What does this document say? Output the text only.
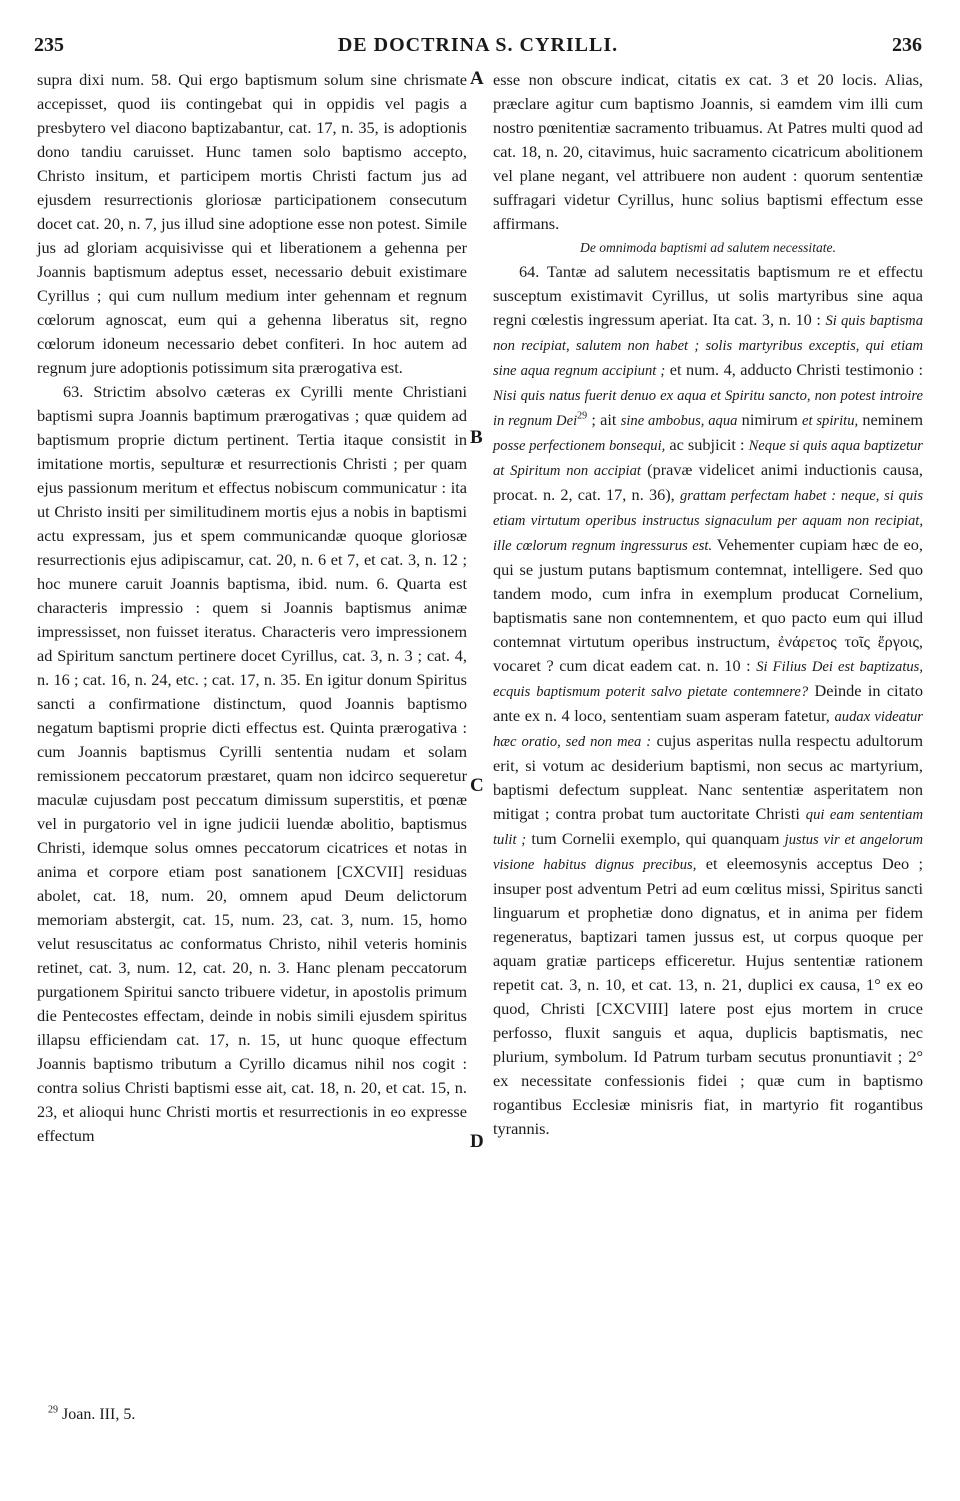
235	DE DOCTRINA S. CYRILLI.	236

supra dixi num. 58. Qui ergo baptismum solum sine chrismate accepisset, quod iis contingebat qui in oppidis vel pagis a presbytero vel diacono baptizabantur, cat. 17, n. 35, is adoptionis dono tandiu caruisset. Hunc tamen solo baptismo accepto, Christo insitum, et participem mortis Christi factum jus ad ejusdem resurrectionis gloriosæ participationem consecutum docet cat. 20, n. 7, jus illud sine adoptione esse non potest. Simile jus ad gloriam acquisivisse qui et liberationem a gehenna per Joannis baptismum adeptus esset, necessario debuit existimare Cyrillus ; qui cum nullum medium inter gehennam et regnum cœlorum agnoscat, eum qui a gehenna liberatus sit, regno cœlorum idoneum necessario debet confiteri. In hoc autem ad regnum jure adoptionis potissimum sita prærogativa est.

63. Strictim absolvo cæteras ex Cyrilli mente Christiani baptismi supra Joannis baptimum prærogativas ; quæ quidem ad baptismum proprie dictum pertinent. Tertia itaque consistit in imitatione mortis, sepulturæ et resurrectionis Christi ; per quam ejus passionum meritum et effectus nobiscum communicatur : ita ut Christo insiti per similitudinem mortis ejus a nobis in baptismi actu expressam, jus et spem communicandæ quoque gloriosæ resurrectionis ejus adipiscamur, cat. 20, n. 6 et 7, et cat. 3, n. 12 ; hoc munere caruit Joannis baptisma, ibid. num. 6. Quarta est characteris impressio : quem si Joannis baptismus animæ impressisset, non fuisset iteratus. Characteris vero impressionem ad Spiritum sanctum pertinere docet Cyrillus, cat. 3, n. 3 ; cat. 4, n. 16 ; cat. 16, n. 24, etc. ; cat. 17, n. 35. En igitur donum Spiritus sancti a confirmatione distinctum, quod Joannis baptismo negatum baptismi proprie dicti effectus est. Quinta prærogativa : cum Joannis baptismus Cyrilli sententia nudam et solam remissionem peccatorum præstaret, quam non idcirco sequeretur maculæ cujusdam post peccatum dimissum superstitis, et pœnæ vel in purgatorio vel in igne judicii luendæ abolitio, baptismus Christi, idemque solus omnes peccatorum cicatrices et notas in anima et corpore etiam post sanationem [CXCVII] residuas abolet, cat. 18, num. 20, omnem apud Deum delictorum memoriam abstergit, cat. 15, num. 23, cat. 3, num. 15, homo velut resuscitatus ac conformatus Christo, nihil veteris hominis retinet, cat. 3, num. 12, cat. 20, n. 3. Hanc plenam peccatorum purgationem Spiritui sancto tribuere videtur, in apostolis primum die Pentecostes effectam, deinde in nobis simili ejusdem spiritus illapsu efficiendam cat. 17, n. 15, ut hunc quoque effectum Joannis baptismo tributum a Cyrillo dicamus nihil nos cogit : contra solius Christi baptismi esse ait, cat. 18, n. 20, et cat. 15, n. 23, et alioqui hunc Christi mortis et resurrectionis in eo expresse effectum

A
B
C
D

esse non obscure indicat, citatis ex cat. 3 et 20 locis. Alias, præclare agitur cum baptismo Joannis, si eamdem vim illi cum nostro pœnitentiæ sacramento tribuamus. At Patres multi quod ad cat. 18, n. 20, citavimus, huic sacramento cicatricum abolitionem vel plane negant, vel attribuere non audent : quorum sententiæ suffragari videtur Cyrillus, hunc solius baptismi effectum esse affirmans.

De omnimoda baptismi ad salutem necessitate.

64. Tantæ ad salutem necessitatis baptismum re et effectu susceptum existimavit Cyrillus, ut solis martyribus sine aqua regni cœlestis ingressum aperiat. Ita cat. 3, n. 10 : Si quis baptisma non recipiat, salutem non habet ; solis martyribus exceptis, qui etiam sine aqua regnum accipiunt ; et num. 4, adducto Christi testimonio : Nisi quis natus fuerit denuo ex aqua et Spiritu sancto, non potest introire in regnum Dei$^{29}$ ; ait sine ambobus, aqua nimirum et spiritu, neminem posse perfectionem bonsequi, ac subjicit : Neque si quis aqua baptizetur at Spiritum non accipiat (pravæ videlicet animi inductionis causa, procat. n. 2, cat. 17, n. 36), grattam perfectam habet : neque, si quis etiam virtutum operibus instructus signaculum per aquam non recipiat, ille cœlorum regnum ingressurus est. Vehementer cupiam hæc de eo, qui se justum putans baptismum contemnat, intelligere. Sed quo tandem modo, cum infra in exemplum producat Cornelium, baptismatis sane non contemnentem, et quo pacto eum qui illud contemnat virtutum operibus instructum, ἐνάρετος τοῖς ἔργοις, vocaret ? cum dicat eadem cat. n. 10 : Si Filius Dei est baptizatus, ecquis baptismum poterit salvo pietate contemnere? Deinde in citato ante ex n. 4 loco, sententiam suam asperam fatetur, audax videatur hæc oratio, sed non mea : cujus asperitas nulla respectu adultorum erit, si votum ac desiderium baptismi, non secus ac martyrium, baptismi defectum suppleat. Nanc sententiæ asperitatem non mitigat ; contra probat tum auctoritate Christi qui eam sententiam tulit ; tum Cornelii exemplo, qui quanquam justus vir et angelorum visione habitus dignus precibus, et eleemosynis acceptus Deo ; insuper post adventum Petri ad eum cœlitus missi, Spiritus sancti linguarum et prophetiæ dono dignatus, et in anima per fidem regeneratus, baptizari tamen jussus est, ut corpus quoque per aquam gratiæ particeps efficeretur. Hujus sententiæ rationem repetit cat. 3, n. 10, et cat. 13, n. 21, duplici ex causa, 1° ex eo quod, Christi [CXCVIII] latere post ejus mortem in cruce perfosso, fluxit sanguis et aqua, duplicis baptismatis, nec plurium, symbolum. Id Patrum turbam secutus pronuntiavit ; 2° ex necessitate confessionis fidei ; quæ cum in baptismo rogantibus Ecclesiæ minisris fiat, in martyrio fit rogantibus tyrannis.

$^{29}$ Joan. III, 5.
